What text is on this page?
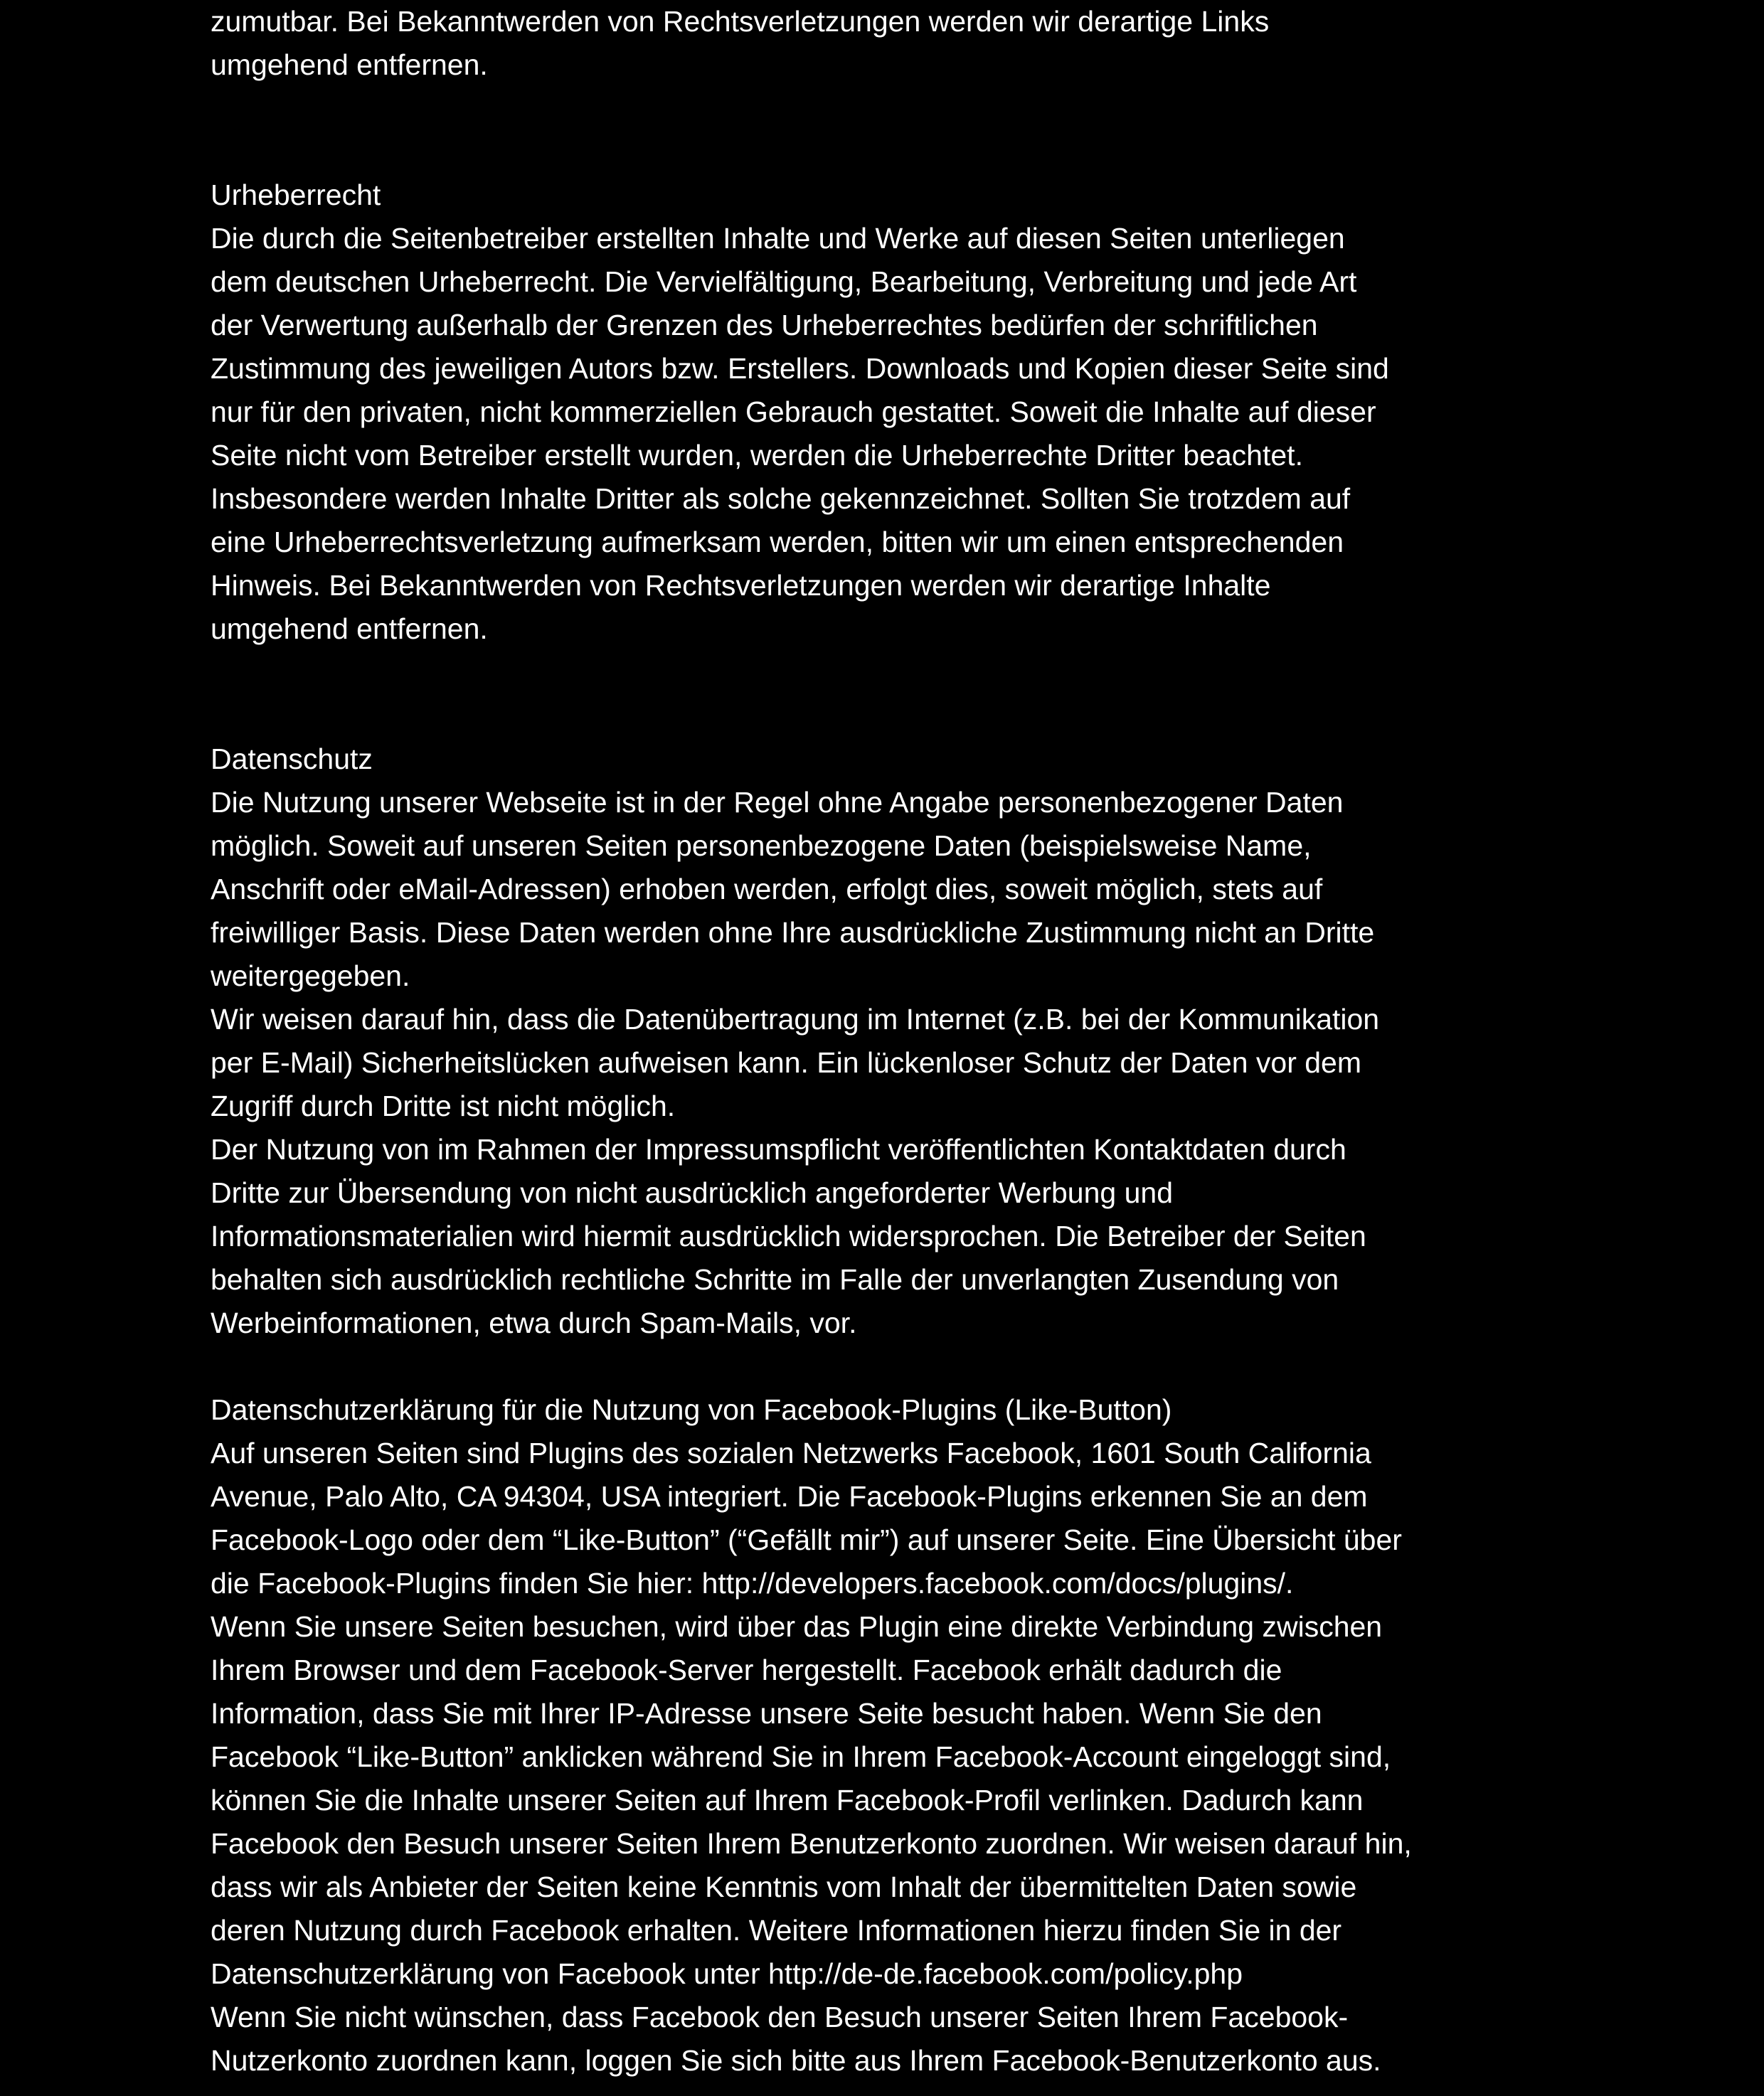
zumutbar. Bei Bekanntwerden von Rechtsverletzungen werden wir derartige Links
umgehend entfernen.

Urheberrecht

Die durch die Seitenbetreiber erstellten Inhalte und Werke auf diesen Seiten unterliegen
dem deutschen Urheberrecht. Die Vervielfältigung, Bearbeitung, Verbreitung und jede Art
der Verwertung außerhalb der Grenzen des Urheberrechtes bedürfen der schriftlichen
Zustimmung des jeweiligen Autors bzw. Erstellers. Downloads und Kopien dieser Seite sind
nur für den privaten, nicht kommerziellen Gebrauch gestattet. Soweit die Inhalte auf dieser
Seite nicht vom Betreiber erstellt wurden, werden die Urheberrechte Dritter beachtet.
Insbesondere werden Inhalte Dritter als solche gekennzeichnet. Sollten Sie trotzdem auf
eine Urheberrechtsverletzung aufmerksam werden, bitten wir um einen entsprechenden
Hinweis. Bei Bekanntwerden von Rechtsverletzungen werden wir derartige Inhalte
umgehend entfernen.

Datenschutz

Die Nutzung unserer Webseite ist in der Regel ohne Angabe personenbezogener Daten
möglich. Soweit auf unseren Seiten personenbezogene Daten (beispielsweise Name,
Anschrift oder eMail-Adressen) erhoben werden, erfolgt dies, soweit möglich, stets auf
freiwilliger Basis. Diese Daten werden ohne Ihre ausdrückliche Zustimmung nicht an Dritte
weitergegeben.

Wir weisen darauf hin, dass die Datenübertragung im Internet (z.B. bei der Kommunikation
per E-Mail) Sicherheitslücken aufweisen kann. Ein lückenloser Schutz der Daten vor dem
Zugriff durch Dritte ist nicht möglich.

Der Nutzung von im Rahmen der Impressumspflicht veröffentlichten Kontaktdaten durch
Dritte zur Übersendung von nicht ausdrücklich angeforderter Werbung und
Informationsmaterialien wird hiermit ausdrücklich widersprochen. Die Betreiber der Seiten
behalten sich ausdrücklich rechtliche Schritte im Falle der unverlangten Zusendung von
Werbeinformationen, etwa durch Spam-Mails, vor.

Datenschutzerklärung für die Nutzung von Facebook-Plugins (Like-Button)

Auf unseren Seiten sind Plugins des sozialen Netzwerks Facebook, 1601 South California
Avenue, Palo Alto, CA 94304, USA integriert. Die Facebook-Plugins erkennen Sie an dem
Facebook-Logo oder dem “Like-Button” (“Gefällt mir”) auf unserer Seite. Eine Übersicht über
die Facebook-Plugins finden Sie hier: http://developers.facebook.com/docs/plugins/.

Wenn Sie unsere Seiten besuchen, wird über das Plugin eine direkte Verbindung zwischen
Ihrem Browser und dem Facebook-Server hergestellt. Facebook erhält dadurch die
Information, dass Sie mit Ihrer IP-Adresse unsere Seite besucht haben. Wenn Sie den
Facebook “Like-Button” anklicken während Sie in Ihrem Facebook-Account eingeloggt sind,
können Sie die Inhalte unserer Seiten auf Ihrem Facebook-Profil verlinken. Dadurch kann
Facebook den Besuch unserer Seiten Ihrem Benutzerkonto zuordnen. Wir weisen darauf hin,
dass wir als Anbieter der Seiten keine Kenntnis vom Inhalt der übermittelten Daten sowie
deren Nutzung durch Facebook erhalten. Weitere Informationen hierzu finden Sie in der
Datenschutzerklärung von Facebook unter http://de-de.facebook.com/policy.php

Wenn Sie nicht wünschen, dass Facebook den Besuch unserer Seiten Ihrem Facebook-
Nutzerkonto zuordnen kann, loggen Sie sich bitte aus Ihrem Facebook-Benutzerkonto aus.
